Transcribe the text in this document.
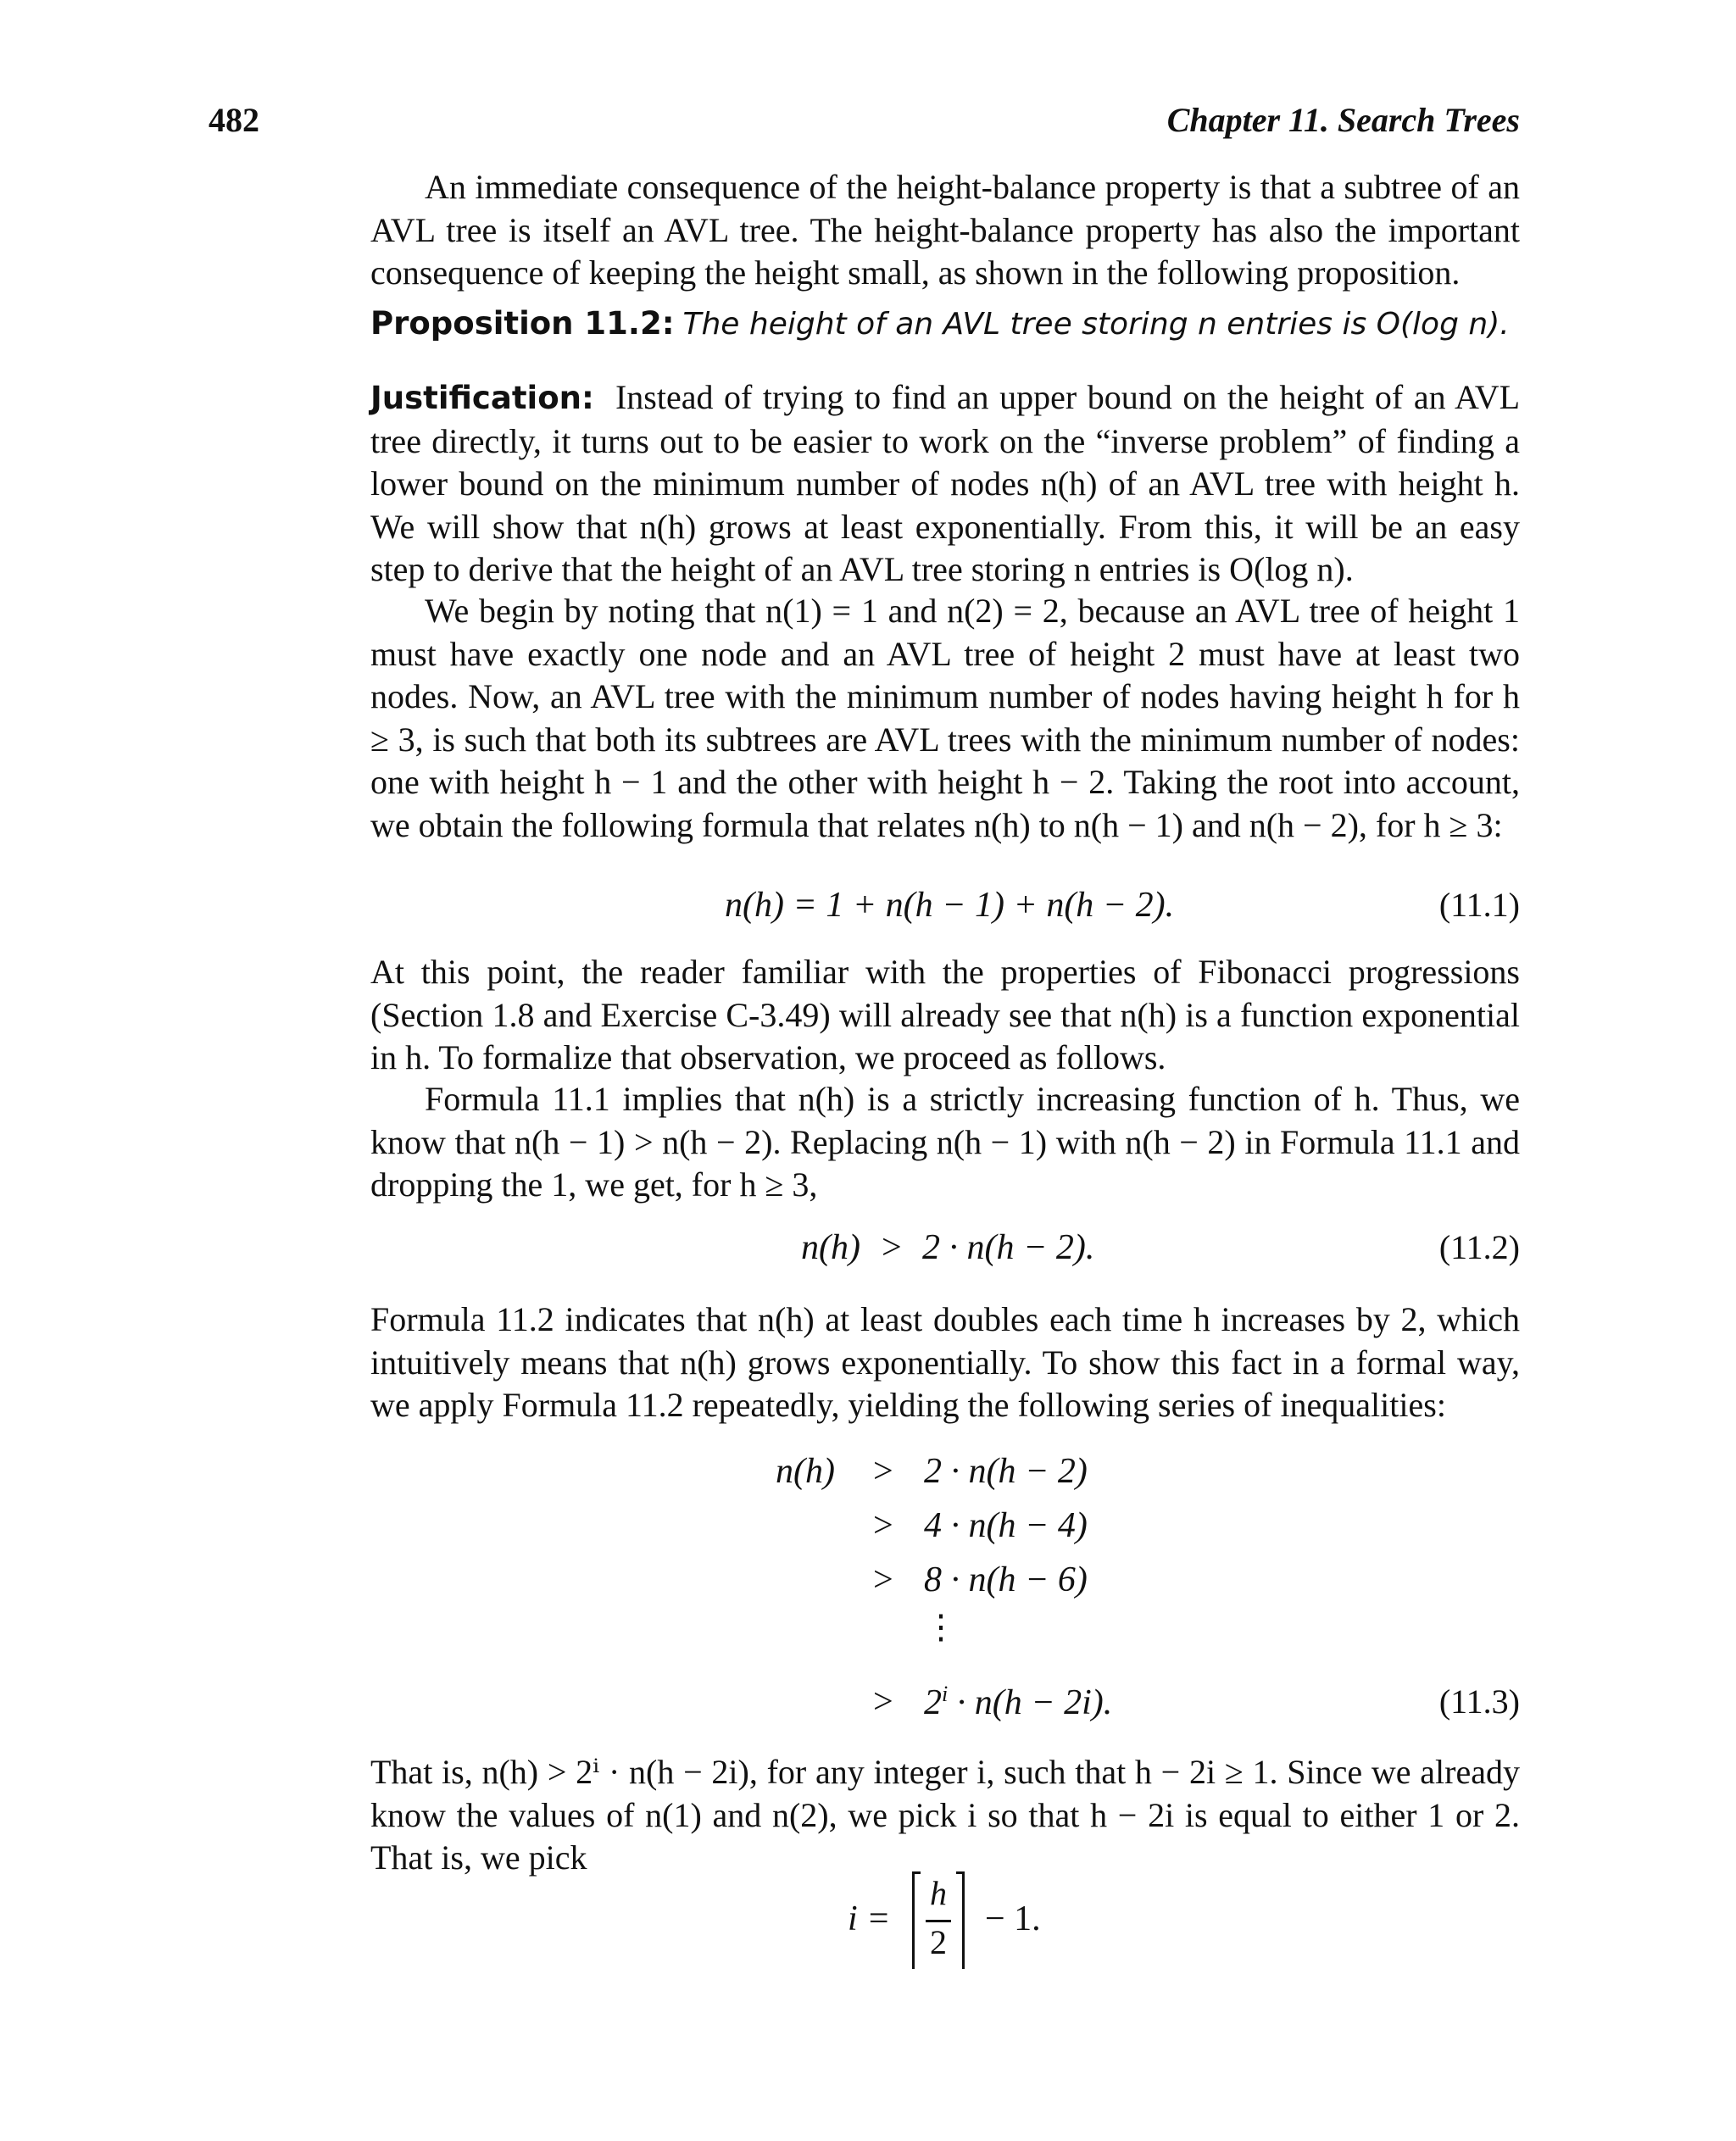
482	Chapter 11. Search Trees

An immediate consequence of the height-balance property is that a subtree of an AVL tree is itself an AVL tree. The height-balance property has also the important consequence of keeping the height small, as shown in the following proposition.

Proposition 11.2: The height of an AVL tree storing n entries is O(log n).

Justification: Instead of trying to find an upper bound on the height of an AVL tree directly, it turns out to be easier to work on the “inverse problem” of finding a lower bound on the minimum number of nodes n(h) of an AVL tree with height h. We will show that n(h) grows at least exponentially. From this, it will be an easy step to derive that the height of an AVL tree storing n entries is O(log n).

We begin by noting that n(1) = 1 and n(2) = 2, because an AVL tree of height 1 must have exactly one node and an AVL tree of height 2 must have at least two nodes. Now, an AVL tree with the minimum number of nodes having height h for h ≥ 3, is such that both its subtrees are AVL trees with the minimum number of nodes: one with height h − 1 and the other with height h − 2. Taking the root into account, we obtain the following formula that relates n(h) to n(h − 1) and n(h − 2), for h ≥ 3:

n(h) = 1 + n(h − 1) + n(h − 2).	(11.1)

At this point, the reader familiar with the properties of Fibonacci progressions (Section 1.8 and Exercise C-3.49) will already see that n(h) is a function exponential in h. To formalize that observation, we proceed as follows.

Formula 11.1 implies that n(h) is a strictly increasing function of h. Thus, we know that n(h − 1) > n(h − 2). Replacing n(h − 1) with n(h − 2) in Formula 11.1 and dropping the 1, we get, for h ≥ 3,

n(h) > 2 · n(h − 2).	(11.2)

Formula 11.2 indicates that n(h) at least doubles each time h increases by 2, which intuitively means that n(h) grows exponentially. To show this fact in a formal way, we apply Formula 11.2 repeatedly, yielding the following series of inequalities:

n(h) > 2 · n(h − 2)
> 4 · n(h − 4)
> 8 · n(h − 6)
⋮
> $2^i \cdot n(h - 2i)$.	(11.3)

That is, n(h) > 2ⁱ · n(h − 2i), for any integer i, such that h − 2i ≥ 1. Since we already know the values of n(1) and n(2), we pick i so that h − 2i is equal to either 1 or 2. That is, we pick

i =
h
2
− 1.
